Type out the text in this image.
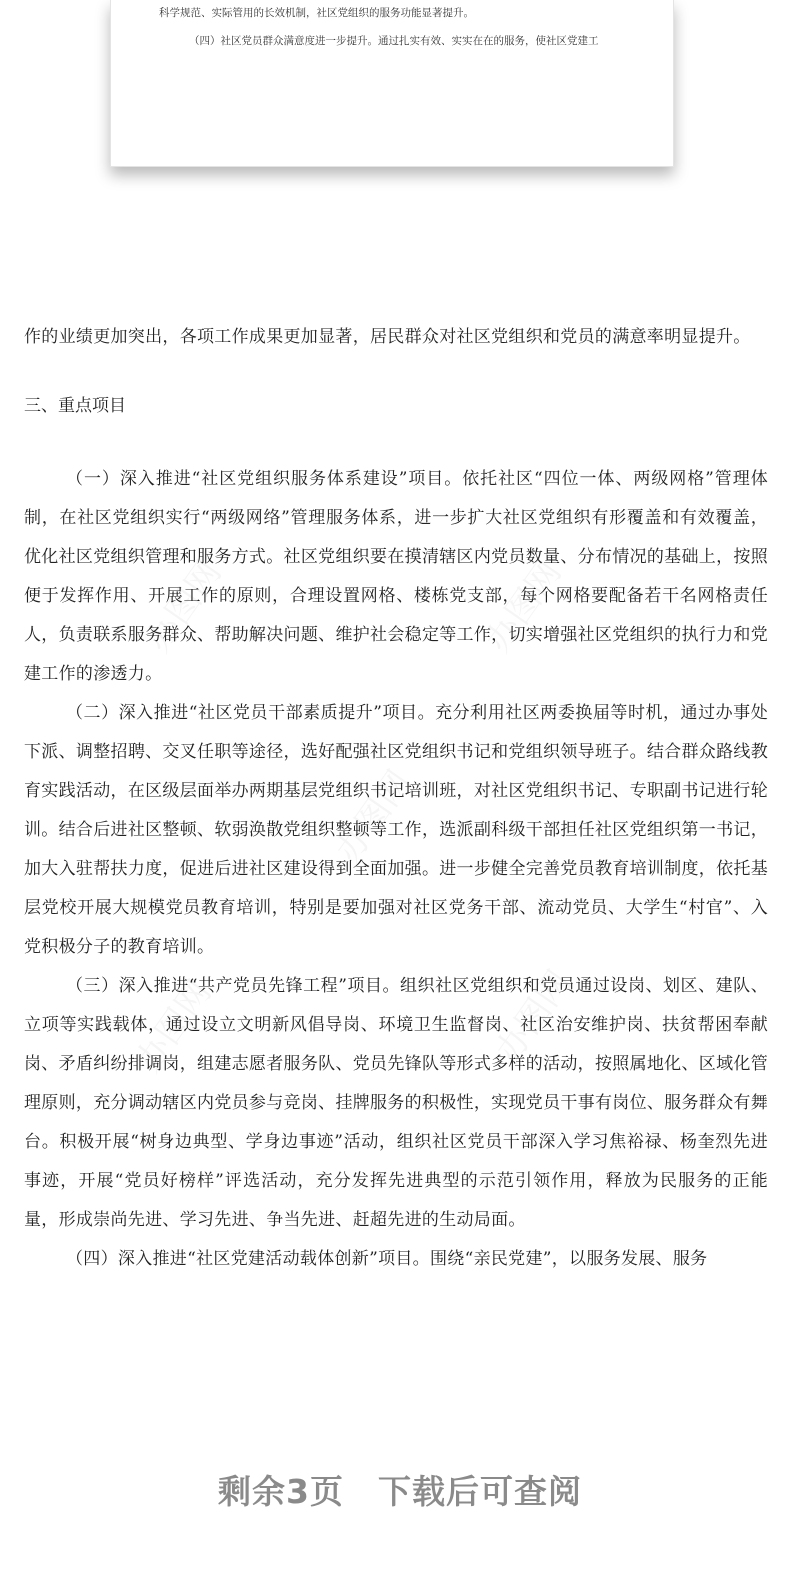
科学规范、实际管用的长效机制，社区党组织的服务功能显著提升。
（四）社区党员群众满意度进一步提升。通过扎实有效、实实在在的服务，使社区党建工
办图网	办图网
办图网
办图网	办图网

作的业绩更加突出，各项工作成果更加显著，居民群众对社区党组织和党员的满意率明显提升。

三、重点项目

（一）深入推进“社区党组织服务体系建设”项目。依托社区“四位一体、两级网格”管理体制，在社区党组织实行“两级网络”管理服务体系，进一步扩大社区党组织有形覆盖和有效覆盖，优化社区党组织管理和服务方式。社区党组织要在摸清辖区内党员数量、分布情况的基础上，按照便于发挥作用、开展工作的原则，合理设置网格、楼栋党支部，每个网格要配备若干名网格责任人，负责联系服务群众、帮助解决问题、维护社会稳定等工作，切实增强社区党组织的执行力和党建工作的渗透力。

（二）深入推进“社区党员干部素质提升”项目。充分利用社区两委换届等时机，通过办事处下派、调整招聘、交叉任职等途径，选好配强社区党组织书记和党组织领导班子。结合群众路线教育实践活动，在区级层面举办两期基层党组织书记培训班，对社区党组织书记、专职副书记进行轮训。结合后进社区整顿、软弱涣散党组织整顿等工作，选派副科级干部担任社区党组织第一书记，加大入驻帮扶力度，促进后进社区建设得到全面加强。进一步健全完善党员教育培训制度，依托基层党校开展大规模党员教育培训，特别是要加强对社区党务干部、流动党员、大学生“村官”、入党积极分子的教育培训。

（三）深入推进“共产党员先锋工程”项目。组织社区党组织和党员通过设岗、划区、建队、立项等实践载体，通过设立文明新风倡导岗、环境卫生监督岗、社区治安维护岗、扶贫帮困奉献岗、矛盾纠纷排调岗，组建志愿者服务队、党员先锋队等形式多样的活动，按照属地化、区域化管理原则，充分调动辖区内党员参与竞岗、挂牌服务的积极性，实现党员干事有岗位、服务群众有舞台。积极开展“树身边典型、学身边事迹”活动，组织社区党员干部深入学习焦裕禄、杨奎烈先进事迹，开展“党员好榜样”评选活动，充分发挥先进典型的示范引领作用，释放为民服务的正能量，形成崇尚先进、学习先进、争当先进、赶超先进的生动局面。

（四）深入推进“社区党建活动载体创新”项目。围绕“亲民党建”，以服务发展、服务

剩余3页　下载后可查阅
